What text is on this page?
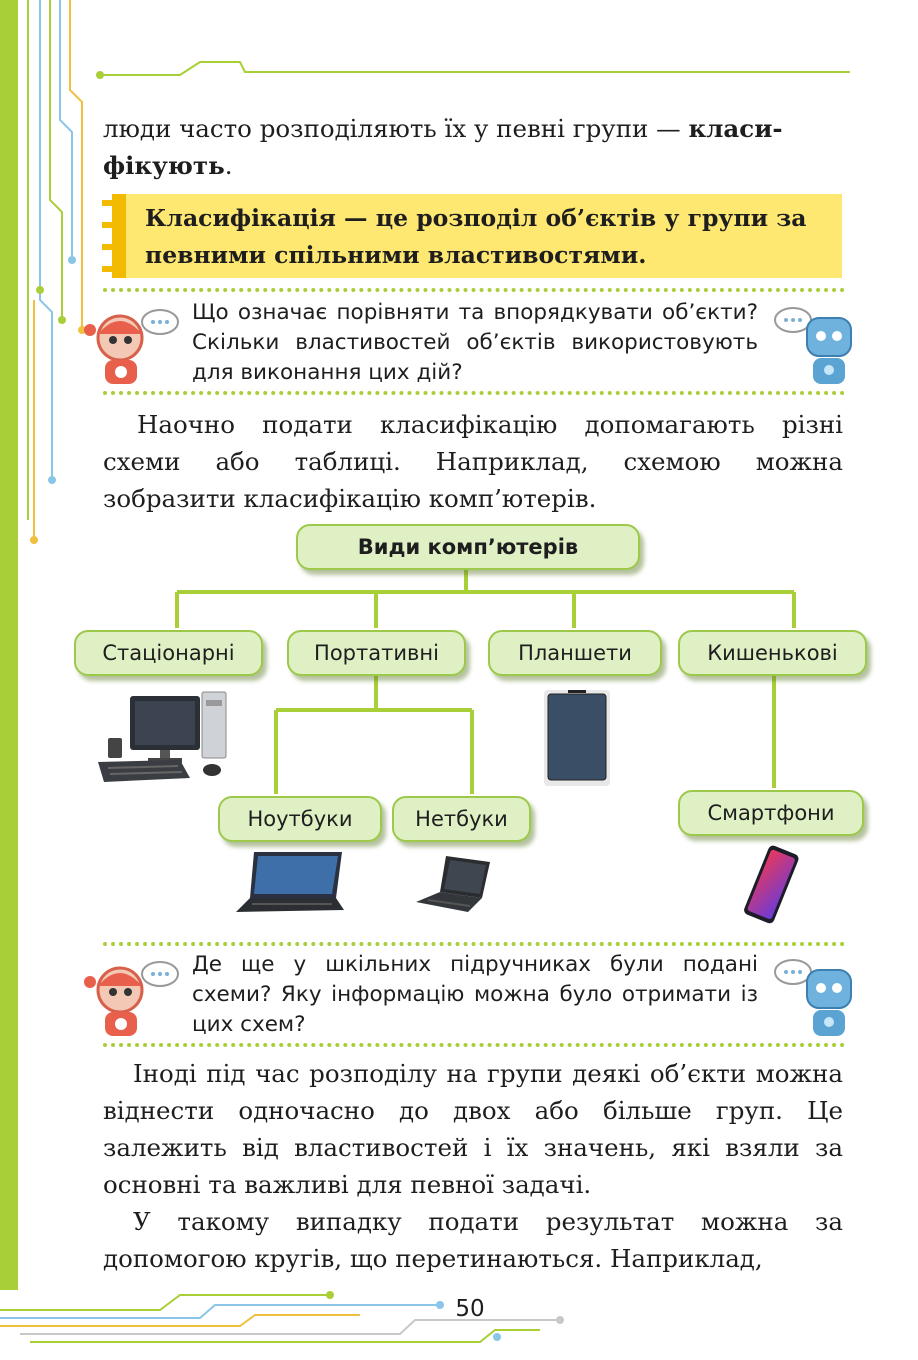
люди часто розподіляють їх у певні групи — класи-
фікують.
Класифікація — це розподіл об’єктів у групи за певними спільними властивостями.
Що означає порівняти та впорядкувати об’єкти? Скільки властивостей об’єктів використовують для виконання цих дій?
Наочно подати класифікацію допомагають різні схеми або таблиці. Наприклад, схемою можна зобразити класифікацію комп’ютерів.
Види комп’ютерів
Стаціонарні	Портативні	Планшети	Кишенькові
Ноутбуки	Нетбуки	Смартфони
Де ще у шкільних підручниках були подані схеми? Яку інформацію можна було отримати із цих схем?
Іноді під час розподілу на групи деякі об’єкти можна віднести одночасно до двох або більше груп. Це залежить від властивостей і їх значень, які взяли за основні та важливі для певної задачі.
У такому випадку подати результат можна за допомогою кругів, що перетинаються. Наприклад,
50
